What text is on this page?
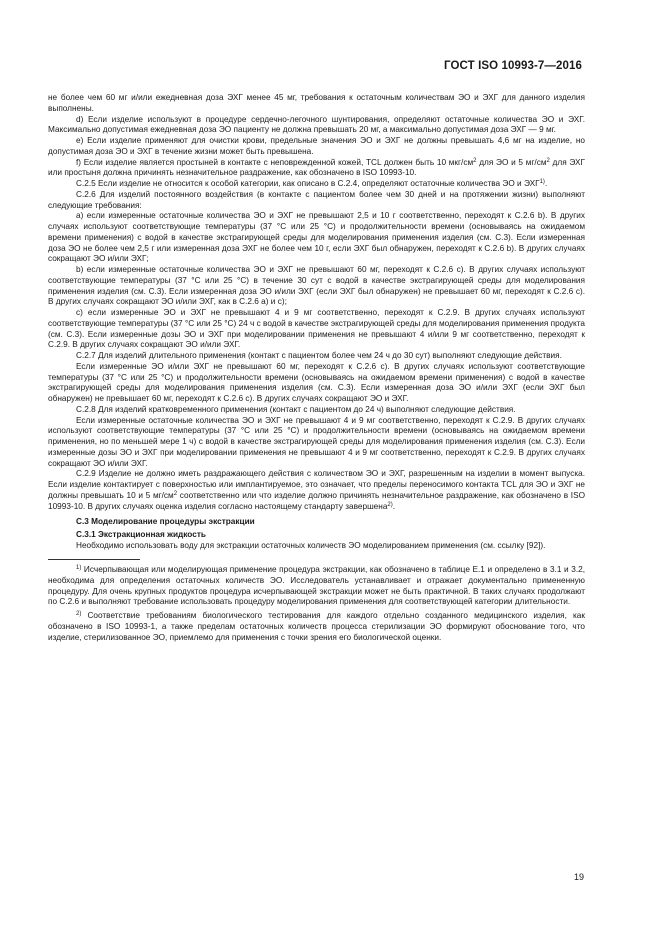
ГОСТ ISO 10993-7—2016

не более чем 60 мг и/или ежедневная доза ЭХГ менее 45 мг, требования к остаточным количествам ЭО и ЭХГ для данного изделия выполнены.

d) Если изделие используют в процедуре сердечно-легочного шунтирования, определяют остаточные количества ЭО и ЭХГ. Максимально допустимая ежедневная доза ЭО пациенту не должна превышать 20 мг, а максимально допустимая доза ЭХГ — 9 мг.

e) Если изделие применяют для очистки крови, предельные значения ЭО и ЭХГ не должны превышать 4,6 мг на изделие, но допустимая доза ЭО и ЭХГ в течение жизни может быть превышена.

f) Если изделие является простыней в контакте с неповрежденной кожей, TCL должен быть 10 мкг/$см^2$ для ЭО и 5 $мг/см^2$ для ЭХГ или простыня должна причинять незначительное раздражение, как обозначено в ISO 10993-10.

С.2.5 Если изделие не относится к особой категории, как описано в С.2.4, определяют остаточные количества ЭО и ЭХГ$^{1)}$.

С.2.6 Для изделий постоянного воздействия (в контакте с пациентом более чем 30 дней и на протяжении жизни) выполняют следующие требования:

a) если измеренные остаточные количества ЭО и ЭХГ не превышают 2,5 и 10 г соответственно, переходят к С.2.6 b). В других случаях используют соответствующие температуры (37 °С или 25 °С) и продолжительности времени (основываясь на ожидаемом времени применения) с водой в качестве экстрагирующей среды для моделирования применения изделия (см. С.3). Если измеренная доза ЭО не более чем 2,5 г или измеренная доза ЭХГ не более чем 10 г, если ЭХГ был обнаружен, переходят к С.2.6 b). В других случаях сокращают ЭО и/или ЭХГ;

b) если измеренные остаточные количества ЭО и ЭХГ не превышают 60 мг, переходят к С.2.6 с). В других случаях используют соответствующие температуры (37 °С или 25 °С) в течение 30 сут с водой в качестве экстрагирующей среды для моделирования применения изделия (см. С.3). Если измеренная доза ЭО и/или ЭХГ (если ЭХГ был обнаружен) не превышает 60 мг, переходят к С.2.6 с). В других случаях сокращают ЭО и/или ЭХГ, как в С.2.6 а) и с);

c) если измеренные ЭО и ЭХГ не превышают 4 и 9 мг соответственно, переходят к С.2.9. В других случаях используют соответствующие температуры (37 °С или 25 °С) 24 ч с водой в качестве экстрагирующей среды для моделирования применения продукта (см. С.3). Если измеренные дозы ЭО и ЭХГ при моделировании применения не превышают 4 и/или 9 мг соответственно, переходят к С.2.9. В других случаях сокращают ЭО и/или ЭХГ.

С.2.7 Для изделий длительного применения (контакт с пациентом более чем 24 ч до 30 сут) выполняют следующие действия.

Если измеренные ЭО и/или ЭХГ не превышают 60 мг, переходят к С.2.6 с). В других случаях используют соответствующие температуры (37 °С или 25 °С) и продолжительности времени (основываясь на ожидаемом времени применения) с водой в качестве экстрагирующей среды для моделирования применения изделия (см. С.3). Если измеренная доза ЭО и/или ЭХГ (если ЭХГ был обнаружен) не превышает 60 мг, переходят к С.2.6 с). В других случаях сокращают ЭО и ЭХГ.

С.2.8 Для изделий кратковременного применения (контакт с пациентом до 24 ч) выполняют следующие действия.

Если измеренные остаточные количества ЭО и ЭХГ не превышают 4 и 9 мг соответственно, переходят к С.2.9. В других случаях используют соответствующие температуры (37 °С или 25 °С) и продолжительности времени (основываясь на ожидаемом времени применения, но по меньшей мере 1 ч) с водой в качестве экстрагирующей среды для моделирования применения изделия (см. С.3). Если измеренные дозы ЭО и ЭХГ при моделировании применения не превышают 4 и 9 мг соответственно, переходят к С.2.9. В других случаях сокращают ЭО и/или ЭХГ.

С.2.9 Изделие не должно иметь раздражающего действия с количеством ЭО и ЭХГ, разрешенным на изделии в момент выпуска. Если изделие контактирует с поверхностью или имплантируемое, это означает, что пределы переносимого контакта TCL для ЭО и ЭХГ не должны превышать 10 и 5 $мг/см^2$ соответственно или что изделие должно причинять незначительное раздражение, как обозначено в ISO 10993-10. В других случаях оценка изделия согласно настоящему стандарту завершена$^{2)}$.

С.3 Моделирование процедуры экстракции
С.3.1 Экстракционная жидкость

Необходимо использовать воду для экстракции остаточных количеств ЭО моделированием применения (см. ссылку [92]).

$^{1)}$ Исчерпывающая или моделирующая применение процедура экстракции, как обозначено в таблице Е.1 и определено в 3.1 и 3.2, необходима для определения остаточных количеств ЭО. Исследователь устанавливает и отражает документально примененную процедуру. Для очень крупных продуктов процедура исчерпывающей экстракции может не быть практичной. В таких случаях продолжают по С.2.6 и выполняют требование использовать процедуру моделирования применения для соответствующей категории длительности.

$^{2)}$ Соответствие требованиям биологического тестирования для каждого отдельно созданного медицинского изделия, как обозначено в ISO 10993-1, а также пределам остаточных количеств процесса стерилизации ЭО формируют обоснование того, что изделие, стерилизованное ЭО, приемлемо для применения с точки зрения его биологической оценки.

19
